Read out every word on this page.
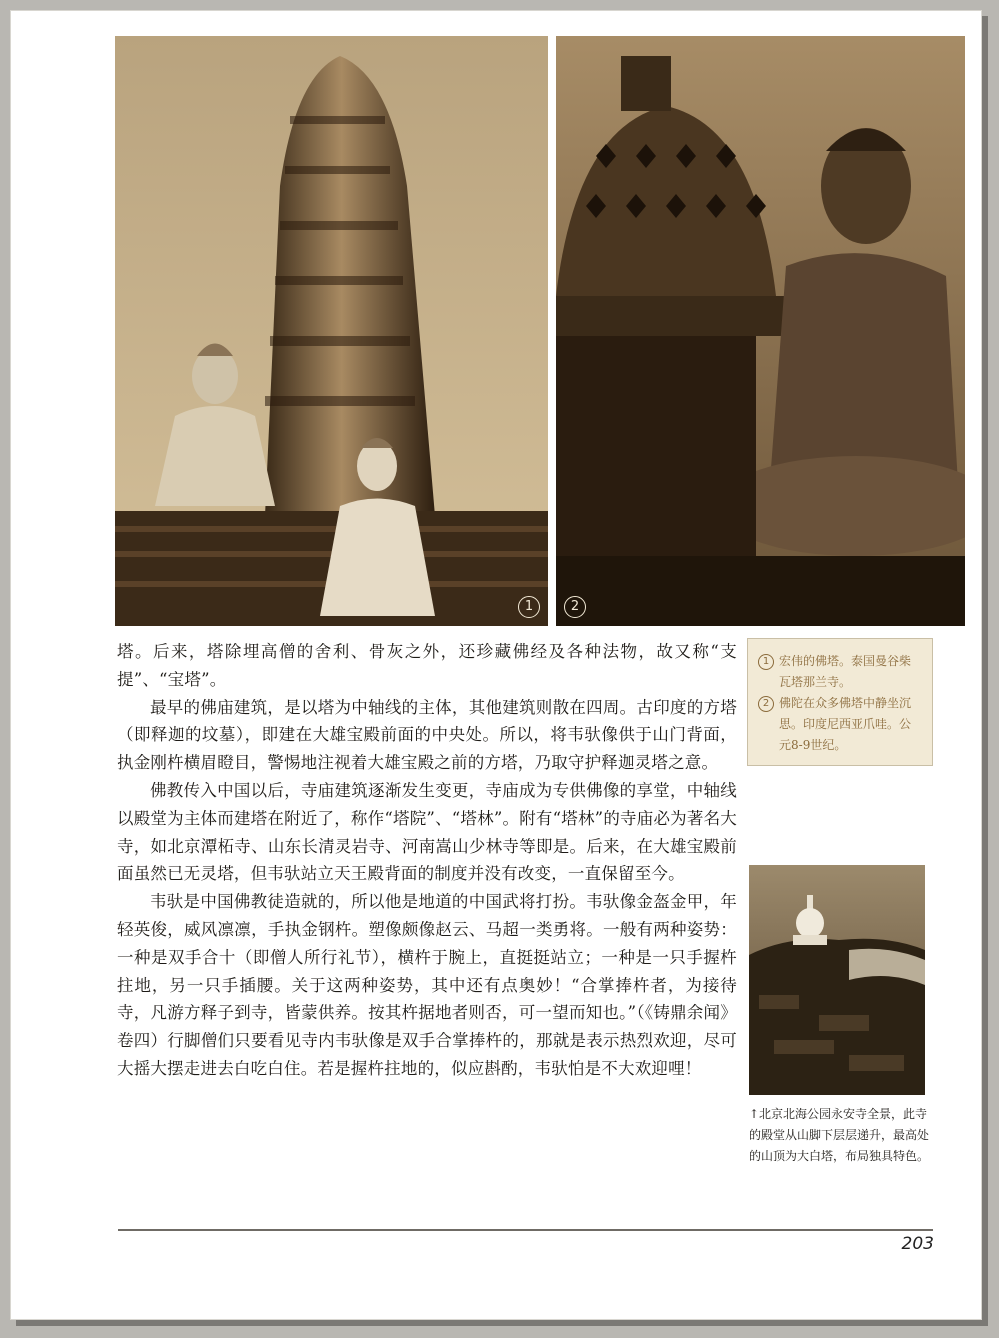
1	2

塔。后来，塔除埋高僧的舍利、骨灰之外，还珍藏佛经及各种法物，故又称“支提”、“宝塔”。

最早的佛庙建筑，是以塔为中轴线的主体，其他建筑则散在四周。古印度的方塔（即释迦的坟墓），即建在大雄宝殿前面的中央处。所以，将韦驮像供于山门背面，执金刚杵横眉瞪目，警惕地注视着大雄宝殿之前的方塔，乃取守护释迦灵塔之意。

佛教传入中国以后，寺庙建筑逐渐发生变更，寺庙成为专供佛像的享堂，中轴线以殿堂为主体而建塔在附近了，称作“塔院”、“塔林”。附有“塔林”的寺庙必为著名大寺，如北京潭柘寺、山东长清灵岩寺、河南嵩山少林寺等即是。后来，在大雄宝殿前面虽然已无灵塔，但韦驮站立天王殿背面的制度并没有改变，一直保留至今。

韦驮是中国佛教徒造就的，所以他是地道的中国武将打扮。韦驮像金盔金甲，年轻英俊，威风凛凛，手执金钢杵。塑像颇像赵云、马超一类勇将。一般有两种姿势：一种是双手合十（即僧人所行礼节），横杵于腕上，直挺挺站立；一种是一只手握杵拄地，另一只手插腰。关于这两种姿势，其中还有点奥妙！“合掌捧杵者，为接待寺，凡游方释子到寺，皆蒙供养。按其杵据地者则否，可一望而知也。”（《铸鼎余闻》卷四）行脚僧们只要看见寺内韦驮像是双手合掌捧杵的，那就是表示热烈欢迎，尽可大摇大摆走进去白吃白住。若是握杵拄地的，似应斟酌，韦驮怕是不大欢迎哩！

1 宏伟的佛塔。泰国曼谷柴瓦塔那兰寺。
2 佛陀在众多佛塔中静坐沉思。印度尼西亚爪哇。公元8-9世纪。
↑北京北海公园永安寺全景，此寺的殿堂从山脚下层层递升，最高处的山顶为大白塔，布局独具特色。
203
